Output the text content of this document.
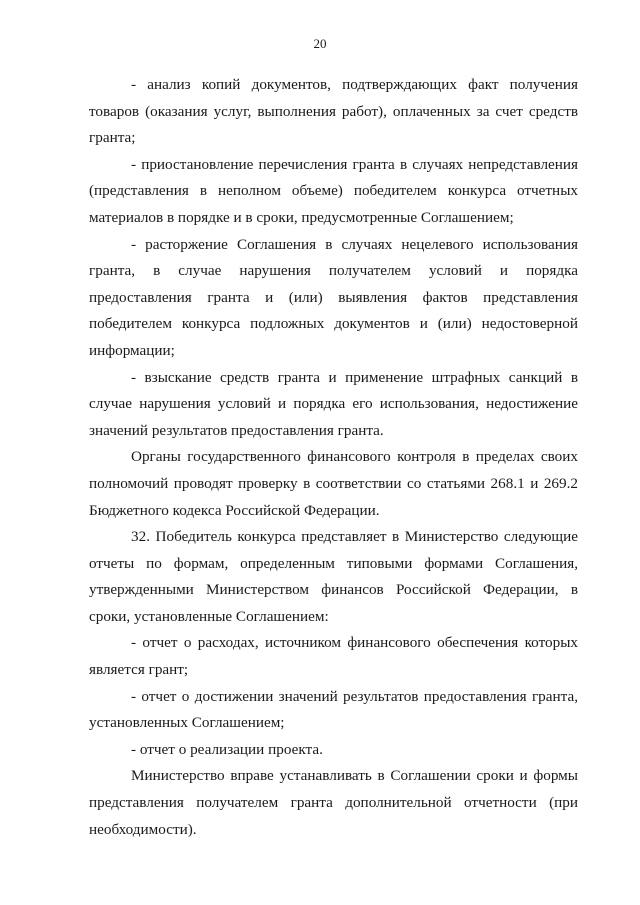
20

- анализ копий документов, подтверждающих факт получения товаров (оказания услуг, выполнения работ), оплаченных за счет средств гранта;

- приостановление перечисления гранта в случаях непредставления (представления в неполном объеме) победителем конкурса отчетных материалов в порядке и в сроки, предусмотренные Соглашением;

- расторжение Соглашения в случаях нецелевого использования гранта, в случае нарушения получателем условий и порядка предоставления гранта и (или) выявления фактов представления победителем конкурса подложных документов и (или) недостоверной информации;

- взыскание средств гранта и применение штрафных санкций в случае нарушения условий и порядка его использования, недостижение значений результатов предоставления гранта.

Органы государственного финансового контроля в пределах своих полномочий проводят проверку в соответствии со статьями 268.1 и 269.2 Бюджетного кодекса Российской Федерации.

32. Победитель конкурса представляет в Министерство следующие отчеты по формам, определенным типовыми формами Соглашения, утвержденными Министерством финансов Российской Федерации, в сроки, установленные Соглашением:

- отчет о расходах, источником финансового обеспечения которых является грант;

- отчет о достижении значений результатов предоставления гранта, установленных Соглашением;

- отчет о реализации проекта.

Министерство вправе устанавливать в Соглашении сроки и формы представления получателем гранта дополнительной отчетности (при необходимости).
